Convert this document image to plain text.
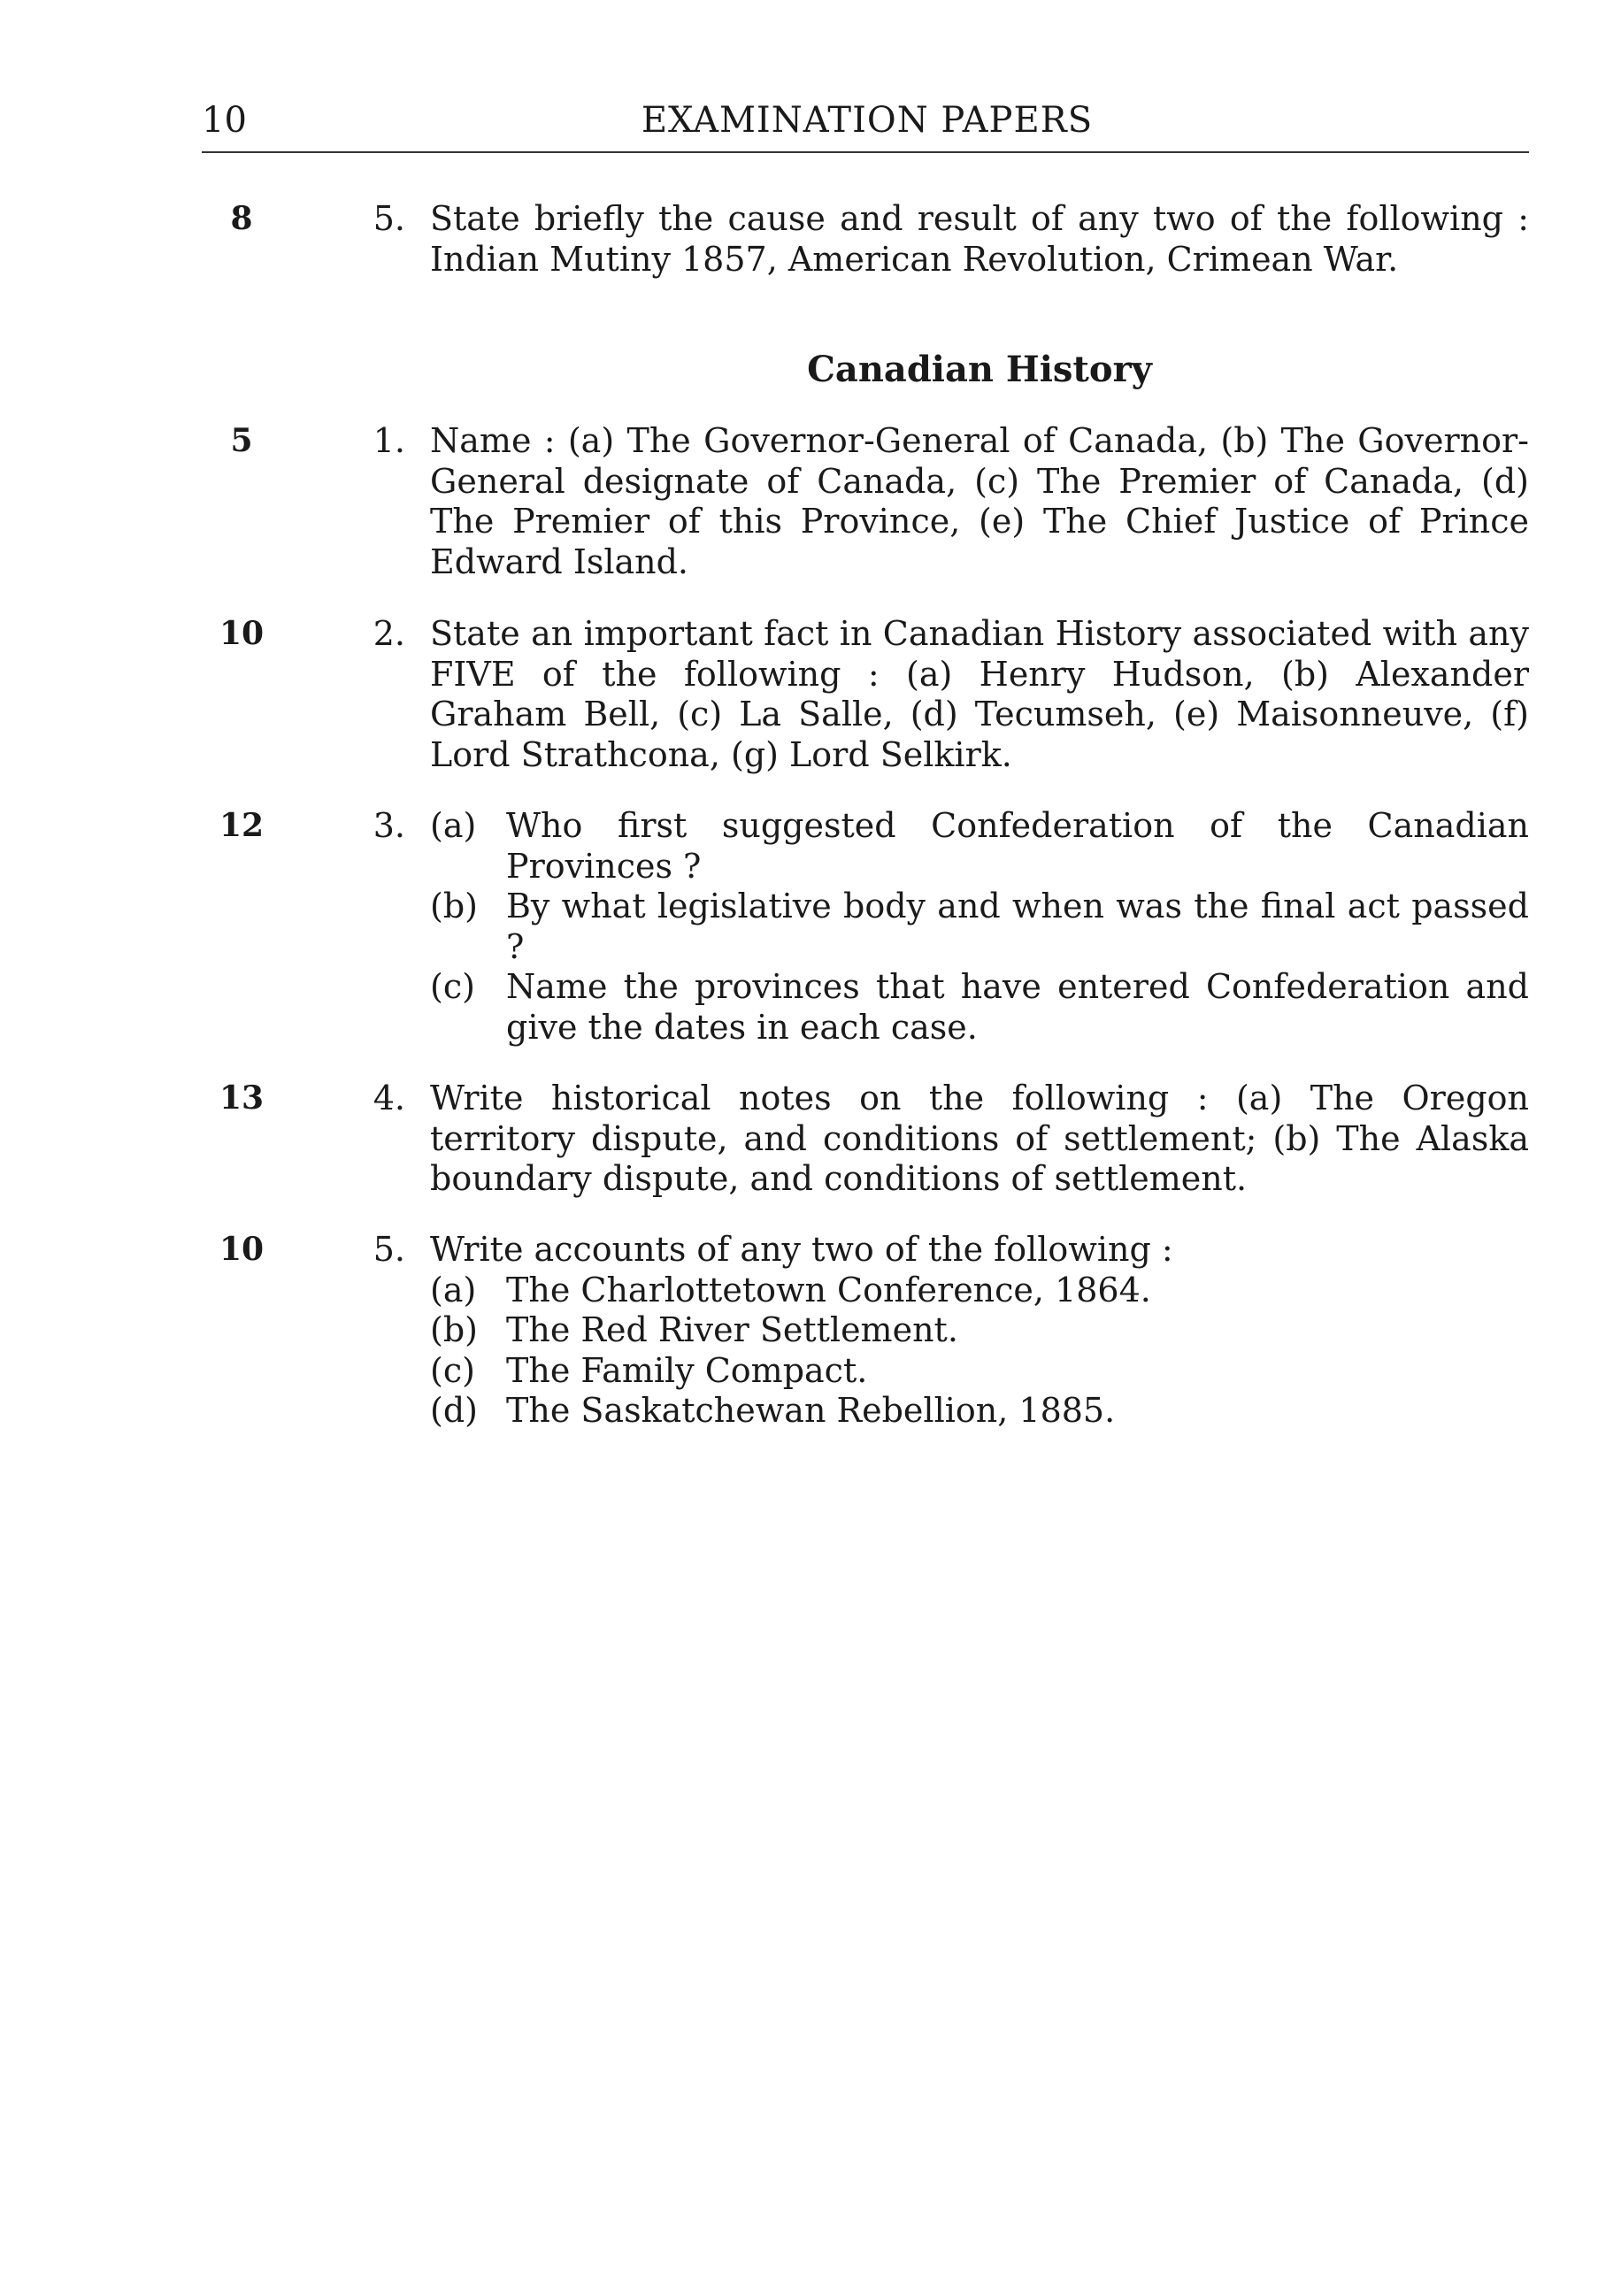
10	EXAMINATION PAPERS
8	5. State briefly the cause and result of any two of the following : Indian Mutiny 1857, American Revolution, Crimean War.
Canadian History
5	1. Name : (a) The Governor-General of Canada, (b) The Governor-General designate of Canada, (c) The Premier of Canada, (d) The Premier of this Province, (e) The Chief Justice of Prince Edward Island.
10	2. State an important fact in Canadian History associated with any FIVE of the following : (a) Henry Hudson, (b) Alexander Graham Bell, (c) La Salle, (d) Tecumseh, (e) Maisonneuve, (f) Lord Strathcona, (g) Lord Selkirk.
12	3. (a) Who first suggested Confederation of the Canadian Provinces ?
(b) By what legislative body and when was the final act passed ?
(c) Name the provinces that have entered Confederation and give the dates in each case.
13	4. Write historical notes on the following : (a) The Oregon territory dispute, and conditions of settlement; (b) The Alaska boundary dispute, and conditions of settlement.
10	5. Write accounts of any two of the following :
(a) The Charlottetown Conference, 1864.
(b) The Red River Settlement.
(c) The Family Compact.
(d) The Saskatchewan Rebellion, 1885.
